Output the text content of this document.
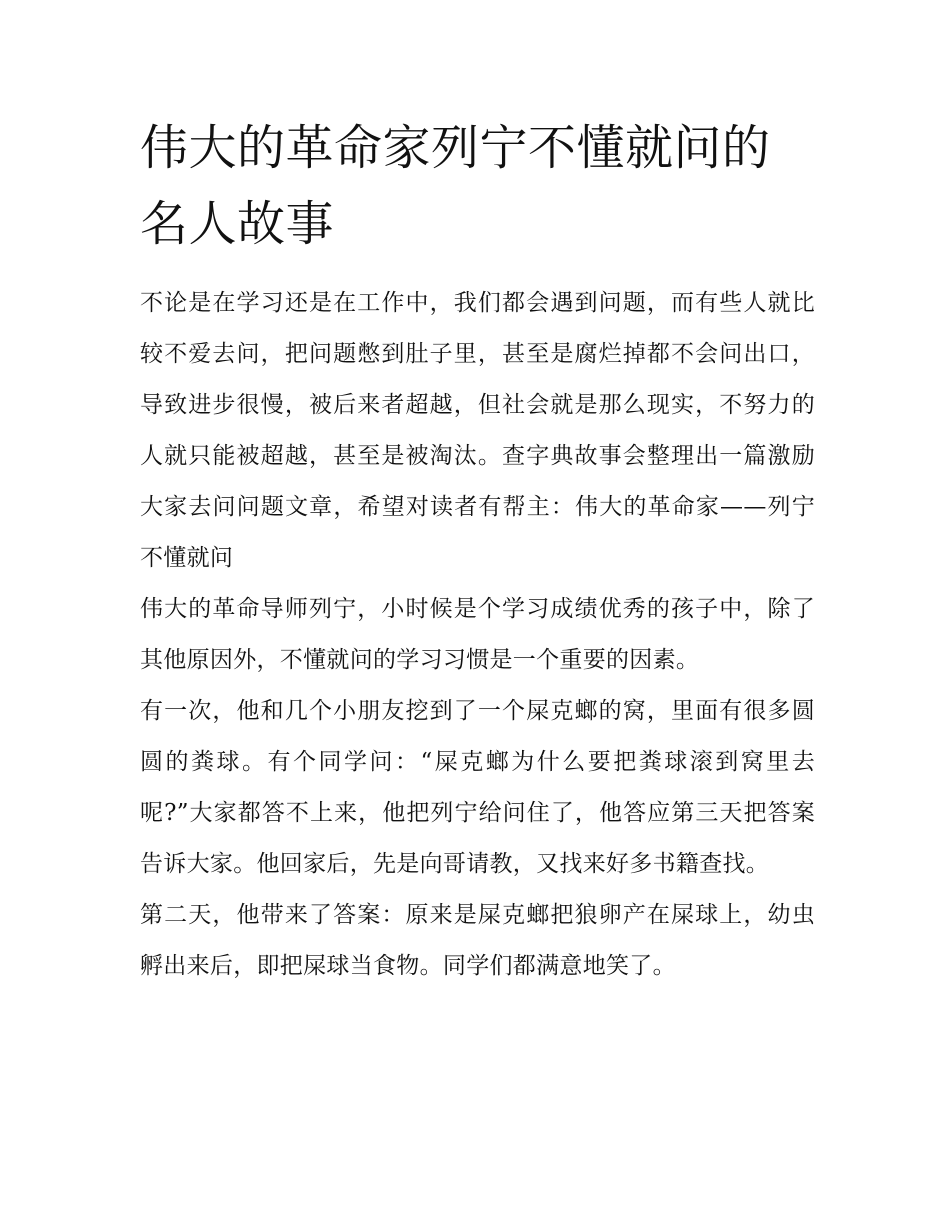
伟大的革命家列宁不懂就问的名人故事

不论是在学习还是在工作中，我们都会遇到问题，而有些人就比较不爱去问，把问题憋到肚子里，甚至是腐烂掉都不会问出口，导致进步很慢，被后来者超越，但社会就是那么现实，不努力的人就只能被超越，甚至是被淘汰。查字典故事会整理出一篇激励大家去问问题文章，希望对读者有帮主：伟大的革命家——列宁不懂就问

伟大的革命导师列宁，小时候是个学习成绩优秀的孩子中，除了其他原因外，不懂就问的学习习惯是一个重要的因素。

有一次，他和几个小朋友挖到了一个屎克螂的窝，里面有很多圆圆的粪球。有个同学问：“屎克螂为什么要把粪球滚到窝里去呢?”大家都答不上来，他把列宁给问住了，他答应第三天把答案告诉大家。他回家后，先是向哥请教，又找来好多书籍查找。

第二天，他带来了答案：原来是屎克螂把狼卵产在屎球上，幼虫孵出来后，即把屎球当食物。同学们都满意地笑了。
